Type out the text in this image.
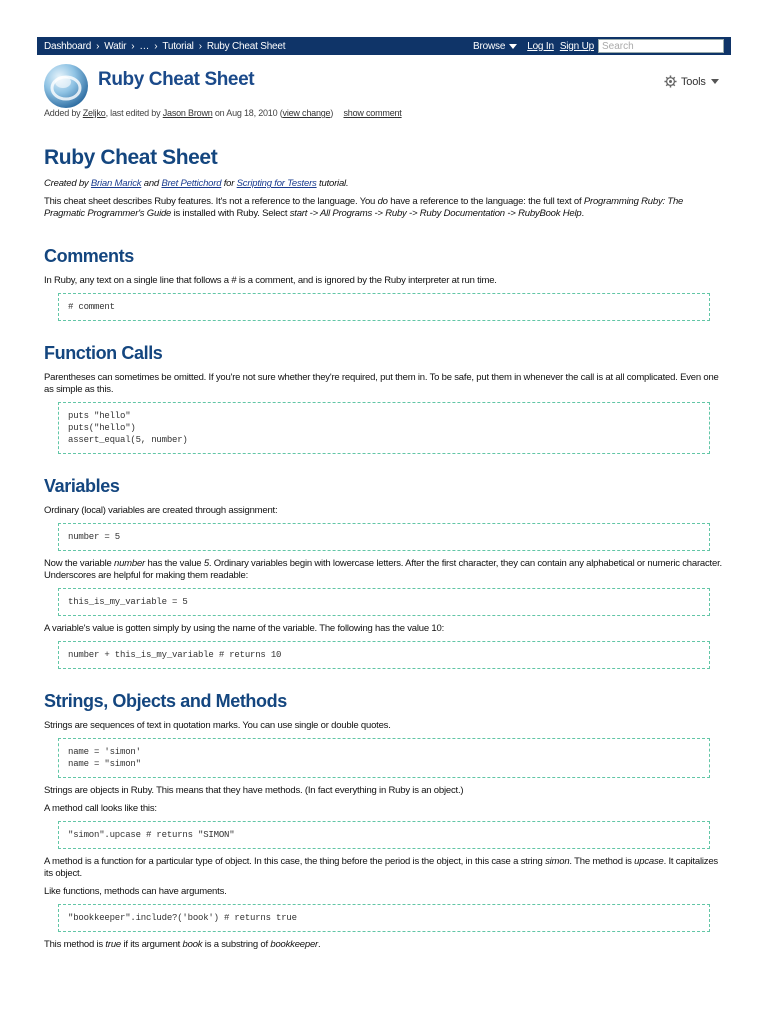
Dashboard › Watir › … › Tutorial › Ruby Cheat Sheet	Browse Log In Sign Up
Search
Ruby Cheat Sheet	Tools
Added by Zeljko, last edited by Jason Brown on Aug 18, 2010 (view change) show comment
Ruby Cheat Sheet

Created by Brian Marick and Bret Pettichord for Scripting for Testers tutorial.

This cheat sheet describes Ruby features. It's not a reference to the language. You do have a reference to the language: the full text of Programming Ruby: The Pragmatic Programmer's Guide is installed with Ruby. Select start -> All Programs -> Ruby -> Ruby Documentation -> RubyBook Help.

Comments

In Ruby, any text on a single line that follows a # is a comment, and is ignored by the Ruby interpreter at run time.

# comment
Function Calls

Parentheses can sometimes be omitted. If you're not sure whether they're required, put them in. To be safe, put them in whenever the call is at all complicated. Even one as simple as this.

puts "hello"
puts("hello")
assert_equal(5, number)
Variables

Ordinary (local) variables are created through assignment:

number = 5

Now the variable number has the value 5. Ordinary variables begin with lowercase letters. After the first character, they can contain any alphabetical or numeric character. Underscores are helpful for making them readable:

this_is_my_variable = 5

A variable's value is gotten simply by using the name of the variable. The following has the value 10:

number + this_is_my_variable # returns 10
Strings, Objects and Methods

Strings are sequences of text in quotation marks. You can use single or double quotes.

name = 'simon'
name = "simon"

Strings are objects in Ruby. This means that they have methods. (In fact everything in Ruby is an object.)

A method call looks like this:

"simon".upcase # returns "SIMON"

A method is a function for a particular type of object. In this case, the thing before the period is the object, in this case a string simon. The method is upcase. It capitalizes its object.

Like functions, methods can have arguments.

"bookkeeper".include?('book') # returns true

This method is true if its argument book is a substring of bookkeeper.
